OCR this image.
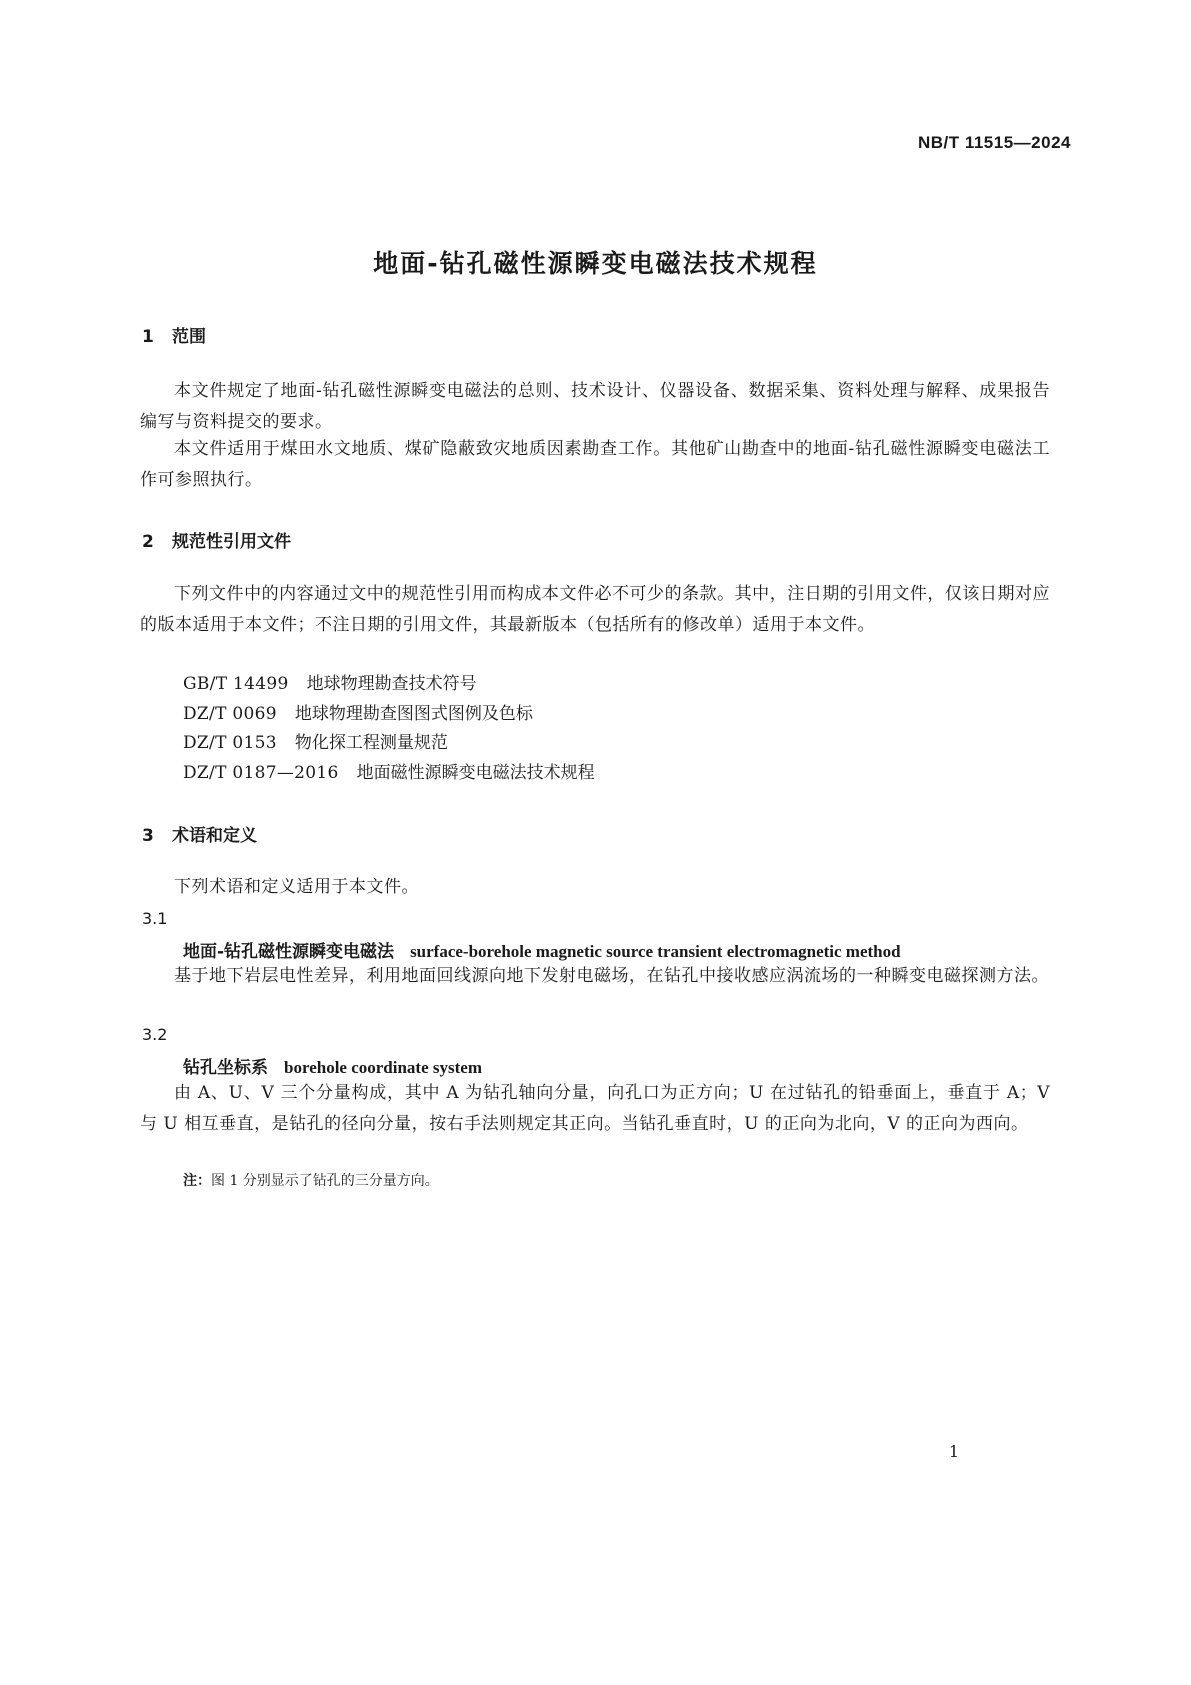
NB/T 11515—2024
地面-钻孔磁性源瞬变电磁法技术规程
1 范围
本文件规定了地面-钻孔磁性源瞬变电磁法的总则、技术设计、仪器设备、数据采集、资料处理与解释、成果报告编写与资料提交的要求。
本文件适用于煤田水文地质、煤矿隐蔽致灾地质因素勘查工作。其他矿山勘查中的地面-钻孔磁性源瞬变电磁法工作可参照执行。
2 规范性引用文件
下列文件中的内容通过文中的规范性引用而构成本文件必不可少的条款。其中，注日期的引用文件，仅该日期对应的版本适用于本文件；不注日期的引用文件，其最新版本（包括所有的修改单）适用于本文件。
GB/T 14499 地球物理勘查技术符号
DZ/T 0069 地球物理勘查图图式图例及色标
DZ/T 0153 物化探工程测量规范
DZ/T 0187—2016 地面磁性源瞬变电磁法技术规程
3 术语和定义
下列术语和定义适用于本文件。
3.1
地面-钻孔磁性源瞬变电磁法 surface-borehole magnetic source transient electromagnetic method
基于地下岩层电性差异，利用地面回线源向地下发射电磁场，在钻孔中接收感应涡流场的一种瞬变电磁探测方法。
3.2
钻孔坐标系 borehole coordinate system
由 A、U、V 三个分量构成，其中 A 为钻孔轴向分量，向孔口为正方向；U 在过钻孔的铅垂面上，垂直于 A；V 与 U 相互垂直，是钻孔的径向分量，按右手法则规定其正向。当钻孔垂直时，U 的正向为北向，V 的正向为西向。
注：图 1 分别显示了钻孔的三分量方向。
1
